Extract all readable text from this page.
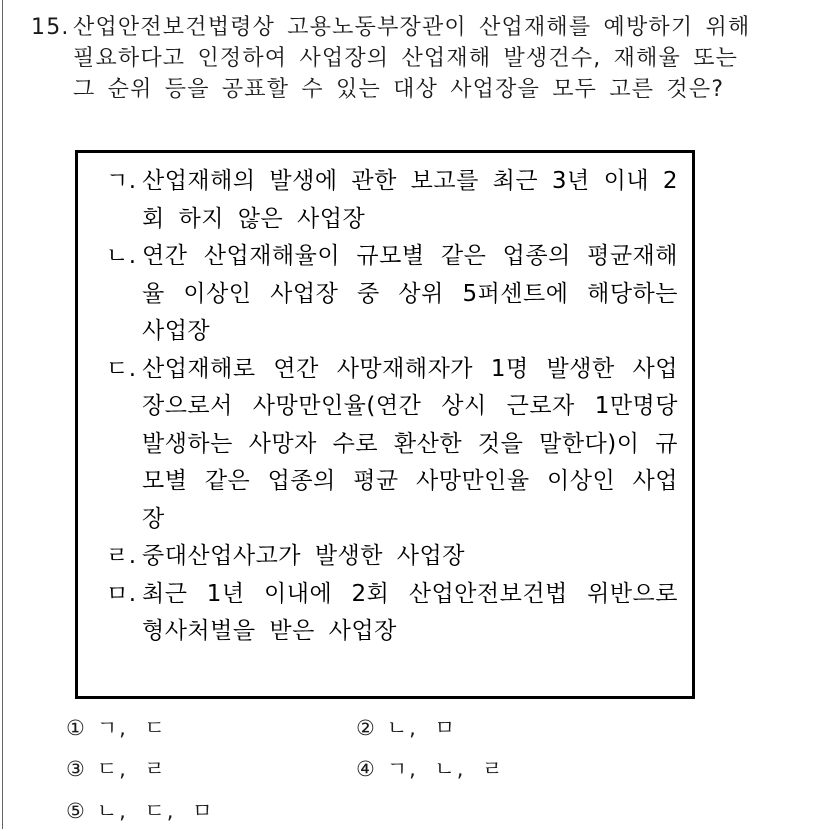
15. 산업안전보건법령상 고용노동부장관이 산업재해를 예방하기 위해 필요하다고 인정하여 사업장의 산업재해 발생건수, 재해율 또는 그 순위 등을 공표할 수 있는 대상 사업장을 모두 고른 것은?
ㄱ. 산업재해의 발생에 관한 보고를 최근 3년 이내 2회 하지 않은 사업장
ㄴ. 연간 산업재해율이 규모별 같은 업종의 평균재해율 이상인 사업장 중 상위 5퍼센트에 해당하는 사업장
ㄷ. 산업재해로 연간 사망재해자가 1명 발생한 사업장으로서 사망만인율(연간 상시 근로자 1만명당 발생하는 사망자 수로 환산한 것을 말한다)이 규모별 같은 업종의 평균 사망만인율 이상인 사업장
ㄹ. 중대산업사고가 발생한 사업장
ㅁ. 최근 1년 이내에 2회 산업안전보건법 위반으로 형사처벌을 받은 사업장
① ㄱ, ㄷ	② ㄴ, ㅁ
③ ㄷ, ㄹ	④ ㄱ, ㄴ, ㄹ
⑤ ㄴ, ㄷ, ㅁ
